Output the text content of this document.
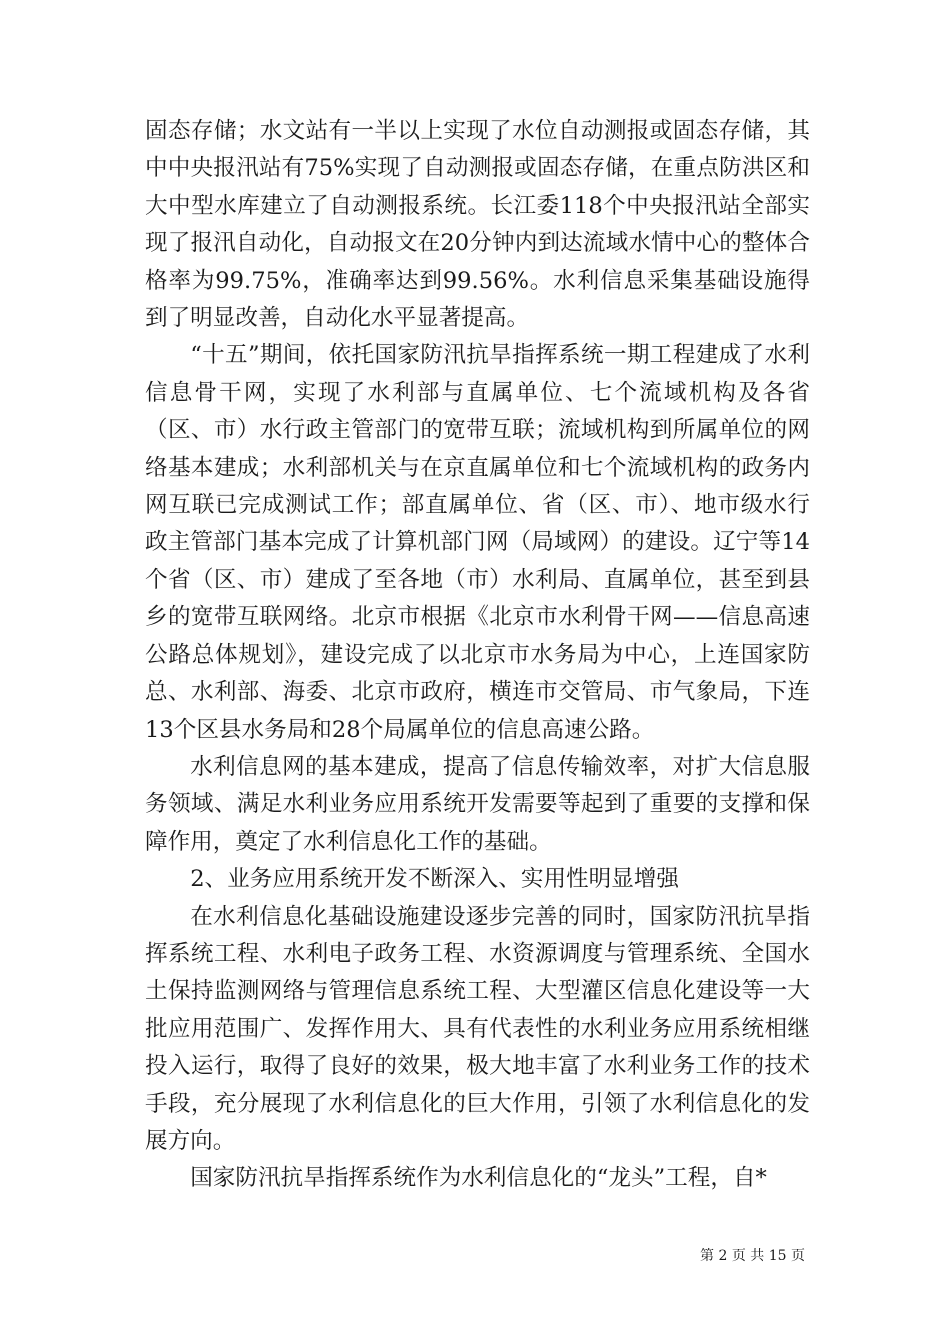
固态存储；水文站有一半以上实现了水位自动测报或固态存储，其中中央报汛站有75%实现了自动测报或固态存储，在重点防洪区和大中型水库建立了自动测报系统。长江委118个中央报汛站全部实现了报汛自动化，自动报文在20分钟内到达流域水情中心的整体合格率为99.75%，准确率达到99.56%。水利信息采集基础设施得到了明显改善，自动化水平显著提高。

“十五”期间，依托国家防汛抗旱指挥系统一期工程建成了水利信息骨干网，实现了水利部与直属单位、七个流域机构及各省（区、市）水行政主管部门的宽带互联；流域机构到所属单位的网络基本建成；水利部机关与在京直属单位和七个流域机构的政务内网互联已完成测试工作；部直属单位、省（区、市）、地市级水行政主管部门基本完成了计算机部门网（局域网）的建设。辽宁等14个省（区、市）建成了至各地（市）水利局、直属单位，甚至到县乡的宽带互联网络。北京市根据《北京市水利骨干网——信息高速公路总体规划》，建设完成了以北京市水务局为中心，上连国家防总、水利部、海委、北京市政府，横连市交管局、市气象局，下连13个区县水务局和28个局属单位的信息高速公路。

水利信息网的基本建成，提高了信息传输效率，对扩大信息服务领域、满足水利业务应用系统开发需要等起到了重要的支撑和保障作用，奠定了水利信息化工作的基础。

2、业务应用系统开发不断深入、实用性明显增强

在水利信息化基础设施建设逐步完善的同时，国家防汛抗旱指挥系统工程、水利电子政务工程、水资源调度与管理系统、全国水土保持监测网络与管理信息系统工程、大型灌区信息化建设等一大批应用范围广、发挥作用大、具有代表性的水利业务应用系统相继投入运行，取得了良好的效果，极大地丰富了水利业务工作的技术手段，充分展现了水利信息化的巨大作用，引领了水利信息化的发展方向。

国家防汛抗旱指挥系统作为水利信息化的“龙头”工程，自*

第 2 页 共 15 页
